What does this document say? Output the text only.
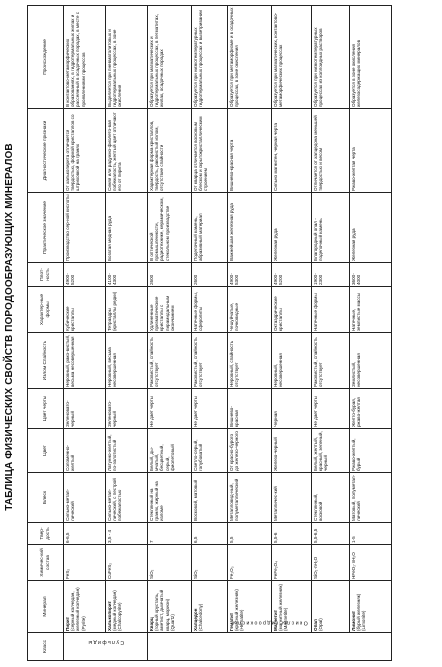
ТАБЛИЦА ФИЗИЧЕСКИХ СВОЙСТВ ПОРОДООБРАЗУЮЩИХ МИНЕРАЛОВ
Класс	Минерал	Химичес-кий состав	Твер-дость	Блеск	Цвет	Цвет черты	Излом Спайность	Характер-ные формы	Плот-ность	Практическое значение	Диагностические признаки	Происхождение
Сульфиды	Пирит (серный колчедан, железный колчедан) (Pyrite)	FeS₂	6-6,5	Сильно-метал-лический	Соломенно-желтый	Зеленовато-черный	Неровный, рако-вистый, весьма несовершенная	Кубические кристаллы	4900-5200	Производство сер-ной кислоты	От халькопирита отличается твердостью, формой кристаллов со штриховкой на гранях	В контактово-метаморфических образованиях, в гидротермальных жилах и рассеянный в осадочных породах, в месте с проявлениями процессов

	Халькопирит (медный колчедан) (Chalcopyrite)	CuFeS₂	3,5 - 4	Сильно-метал-лический, с пестрой побежалостью	Латунно-желтый, по-золотистый	Зеленовато-черный	Неровный, весьма несовершенная	Тетраэдры (кристаллы редки)	4100-4300	Богатая медная руда	Синяя или радужно-фиолето-вая побежалость, желтый цвет отличают его от пирита	Выделяется при пневматолитовых и гидротермальных процессах, в зоне окисления
Окислы гидроокислы	Кварц (горный хрусталь, аметист, дымчатый кварц, морион) (Quartz)	SiO₂	7	Стеклянный на гранях, жирный на изломе	Белый, ды-мчатый, бесцветный, серый, фиолетовый	Не дает черты	Раковистый, спайность отсутствует	Удлиненные призматические кристаллы с пирамидальным окончанием	2600	В оптической промышленности, радиотехнике, керамическом, стекольном производстве	Характерная форма кристаллов, твердость, раковистый излом, отсутствие спайности	Образуется при магматических и гидротермальных процессах, в пегматитах, жилах, осадочных породах

	Халцедон (Chalcedony)	SiO₂	6,5	Восковой, матовый	Светло-серый, голубоватый	Не дает черты	Раковистый, спайность отсутствует	Натечные формы, сферолиты	2600	Поделочный камень, абразивный материал	От кварца отличается восковым блеском и скрытокристаллическим строением	Образуется при низкотемпературных гидротермальных процессах и выветривании

	Гематит (красный железняк) (Hematite)	Fe₂O₃	5,5	Металловид-ный, полуметаллический	От красно-бурого до железо-черного	Вишнево-красная	Неровный, спайность отсутствует	Чешуйчатые, почковидные	4900-5300	Важнейшая железная руда	Вишнево-красная черта	Образуется при метаморфизме и в осадочных процессах, в зоне окисления

	Магнетит (магнитный железняк) (Magnetite)	FeFe₂O₄	5,5-6	Металличес-кий	Железо-черный	Черная	Неровный, несовершенная	Октаэдрические кристаллы	4900-5200	Железная руда	Сильно магнитен, черная черта	Образуется при магматических, контактово-метаморфических процессах

	Опал (Opal)	SiO₂·nH₂O	5,5-6,5	Стеклянный, восковой	Белый, желтый, красный, зеленый, черный	Не дает черты	Раковистый, спайность отсутствует	Натечные формы	1900-2300	Благородный опал - поделочный камень	Отличается от халцедона меньшей твердостью и весом	Образуется при низкотемпературных процессах из коллоидных растворов

	Лимонит (бурый железняк) (Limonite)	HFeO₂·nH₂O	1-5	Матовый, полуметал-лический	Ржаво-желтый, бурый	Желто-бурая, ржаво-желтая	Землистый, несовершенная	Натечные, землистые массы	3600-4000	Железная руда	Ржаво-желтая черта	Образуется в зоне окисления железосодержащих минералов
